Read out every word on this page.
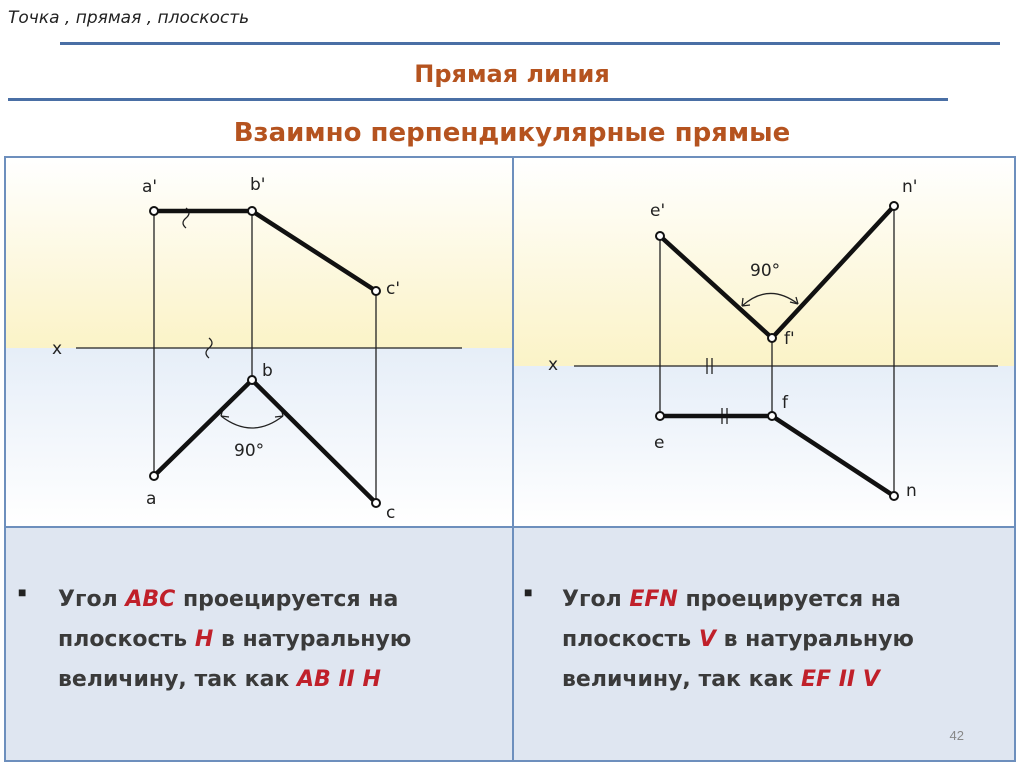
Точка , прямая , плоскость
Прямая линия
Взаимно перпендикулярные прямые
a'	b'
c'
x
b
a
c
90°
e'
n'
f'
x
f
e
n
90°
■ Угол ABC проецируется на плоскость H в натуральную величину, так как AB II H
■ Угол EFN проецируется на плоскость V в натуральную величину, так как EF II V
42
